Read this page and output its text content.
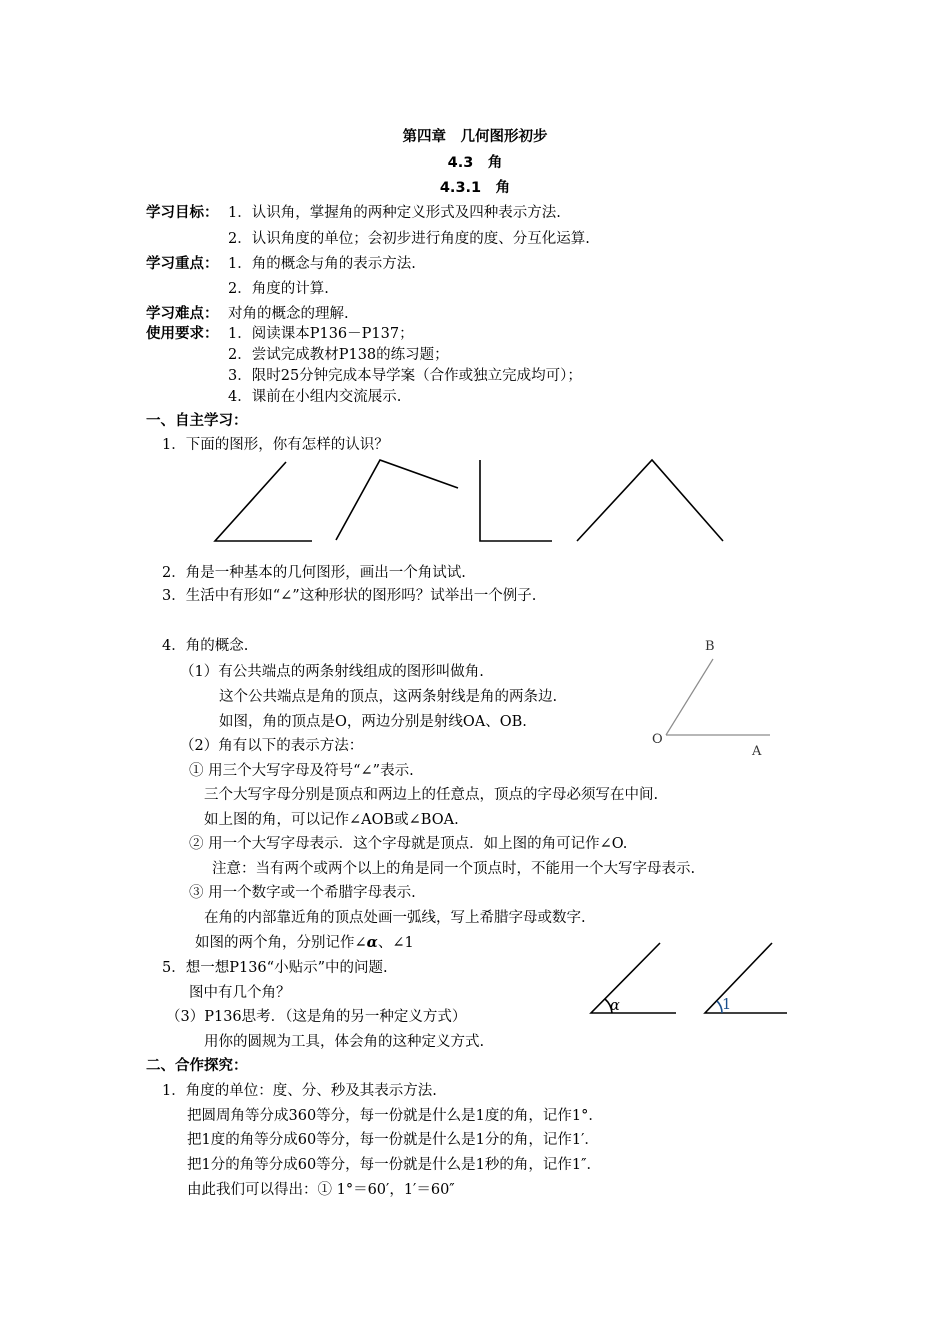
第四章　几何图形初步
4.3　角
4.3.1　角
学习目标： 1．认识角，掌握角的两种定义形式及四种表示方法.
2．认识角度的单位；会初步进行角度的度、分互化运算.
学习重点： 1．角的概念与角的表示方法.
2．角度的计算.
学习难点： 对角的概念的理解.
使用要求： 1．阅读课本P136－P137；
2．尝试完成教材P138的练习题；
3．限时25分钟完成本导学案（合作或独立完成均可）；
4．课前在小组内交流展示.
一、自主学习：
1．下面的图形，你有怎样的认识？
2．角是一种基本的几何图形，画出一个角试试.
3．生活中有形如“∠”这种形状的图形吗？试举出一个例子.
4．角的概念.	B
O
A
（1）有公共端点的两条射线组成的图形叫做角.
这个公共端点是角的顶点，这两条射线是角的两条边.
如图，角的顶点是O，两边分别是射线OA、OB.
（2）角有以下的表示方法：
① 用三个大写字母及符号“∠”表示.
三个大写字母分别是顶点和两边上的任意点，顶点的字母必须写在中间.
如上图的角，可以记作∠AOB或∠BOA.
② 用一个大写字母表示．这个字母就是顶点．如上图的角可记作∠O.
注意：当有两个或两个以上的角是同一个顶点时，不能用一个大写字母表示.
③ 用一个数字或一个希腊字母表示.
在角的内部靠近角的顶点处画一弧线，写上希腊字母或数字.
如图的两个角，分别记作∠α、∠1
α	1
5．想一想P136“小贴示”中的问题.
图中有几个角？
（3）P136思考．（这是角的另一种定义方式）
用你的圆规为工具，体会角的这种定义方式.
二、合作探究：
1．角度的单位：度、分、秒及其表示方法.
把圆周角等分成360等分，每一份就是什么是1度的角，记作1°．
把1度的角等分成60等分，每一份就是什么是1分的角，记作1′．
把1分的角等分成60等分，每一份就是什么是1秒的角，记作1″．
由此我们可以得出：① 1°＝60′，1′＝60″
